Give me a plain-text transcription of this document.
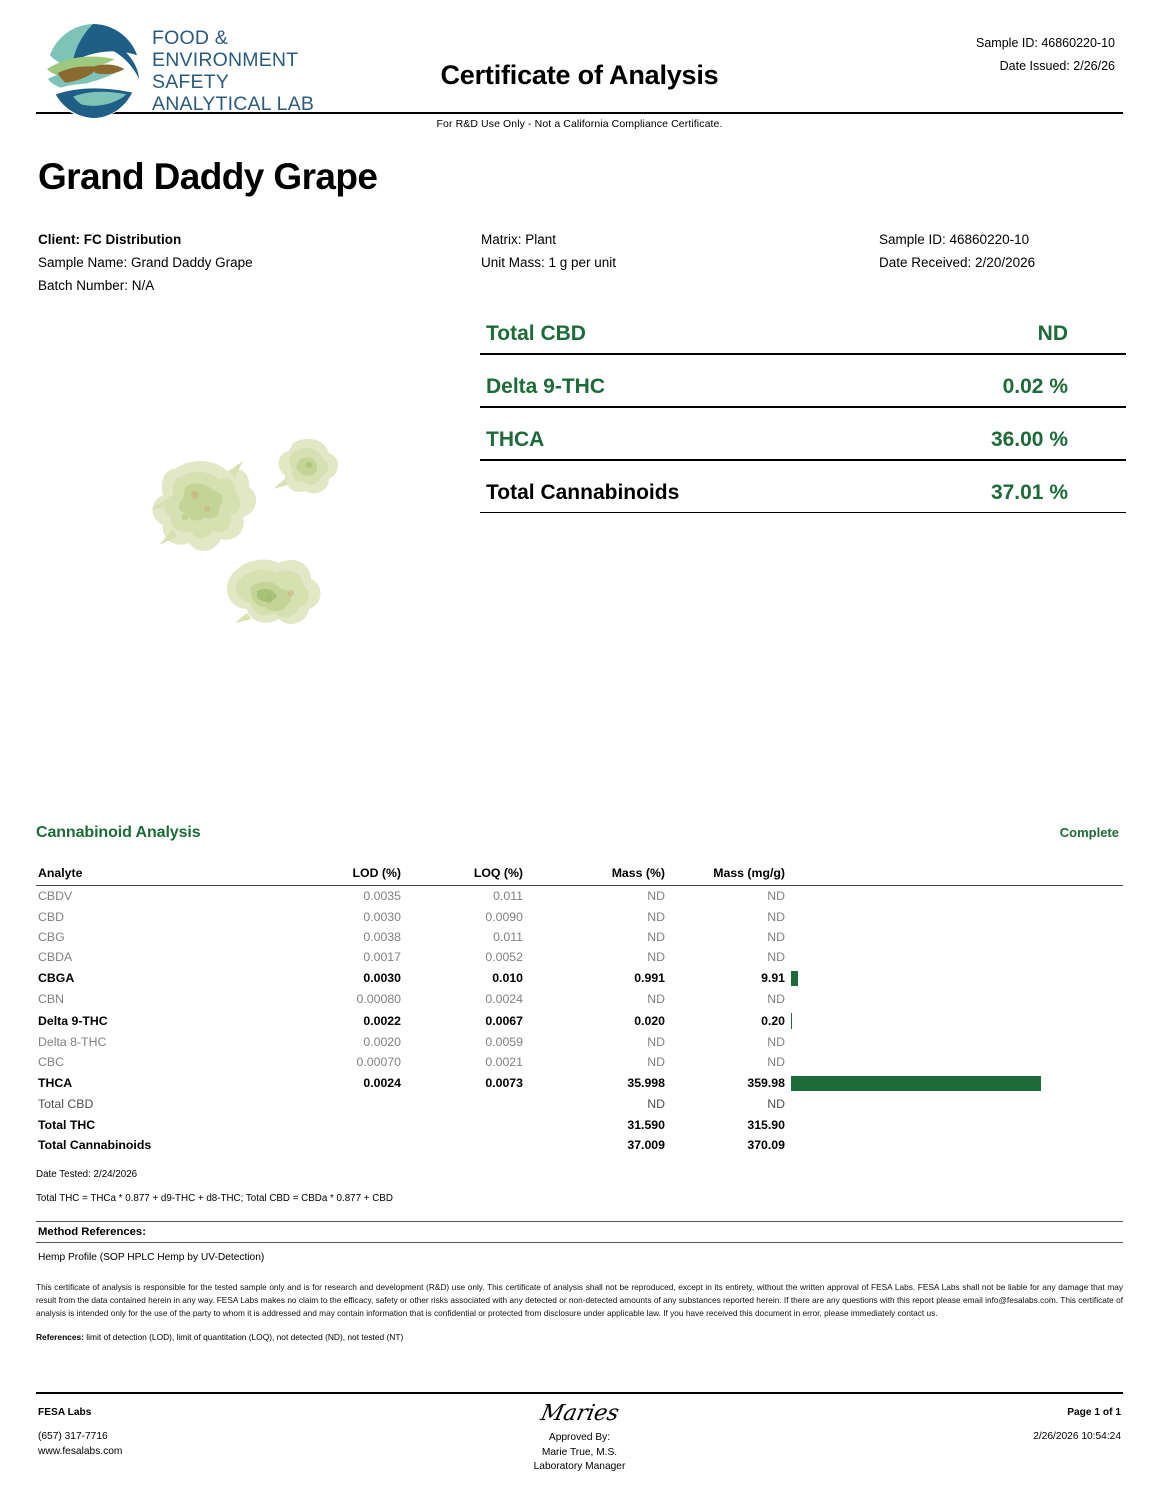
FOOD &
ENVIRONMENT
SAFETY
ANALYTICAL LAB
Certificate of Analysis
Sample ID: 46860220-10
Date Issued: 2/26/26
For R&D Use Only - Not a California Compliance Certificate.
Grand Daddy Grape
Client: FC Distribution
Sample Name: Grand Daddy Grape
Batch Number: N/A
Matrix: Plant
Unit Mass: 1 g per unit
Sample ID: 46860220-10
Date Received: 2/20/2026
Total CBD	ND
Delta 9-THC	0.02 %
THCA	36.00 %
Total Cannabinoids	37.01 %
Cannabinoid Analysis	Complete
Analyte	LOD (%)	LOQ (%)	Mass (%)	Mass (mg/g)	
CBDV	0.0035	0.011	ND	ND	
CBD	0.0030	0.0090	ND	ND	
CBG	0.0038	0.011	ND	ND	
CBDA	0.0017	0.0052	ND	ND	
CBGA	0.0030	0.010	0.991	9.91	
CBN	0.00080	0.0024	ND	ND	
Delta 9-THC	0.0022	0.0067	0.020	0.20	
Delta 8-THC	0.0020	0.0059	ND	ND	
CBC	0.00070	0.0021	ND	ND	
THCA	0.0024	0.0073	35.998	359.98	
Total CBD			ND	ND	
Total THC			31.590	315.90	
Total Cannabinoids			37.009	370.09	
Date Tested: 2/24/2026
Total THC = THCa * 0.877 + d9-THC + d8-THC; Total CBD = CBDa * 0.877 + CBD
Method References:
Hemp Profile (SOP HPLC Hemp by UV-Detection)
This certificate of analysis is responsible for the tested sample only and is for research and development (R&D) use only. This certificate of analysis shall not be reproduced, except in its entirety, without the written approval of FESA Labs. FESA Labs shall not be liable for any damage that may result from the data contained herein in any way. FESA Labs makes no claim to the efficacy, safety or other risks associated with any detected or non-detected amounts of any substances reported herein. If there are any questions with this report please email info@fesalabs.com. This certificate of analysis is intended only for the use of the party to whom it is addressed and may contain information that is confidential or protected from disclosure under applicable law. If you have received this document in error, please immediately contact us.
References: limit of detection (LOD), limit of quantitation (LOQ), not detected (ND), not tested (NT)
FESA Labs
(657) 317-7716
www.fesalabs.com
Maries
Approved By:
Marie True, M.S.
Laboratory Manager
Page 1 of 1
2/26/2026 10:54:24
